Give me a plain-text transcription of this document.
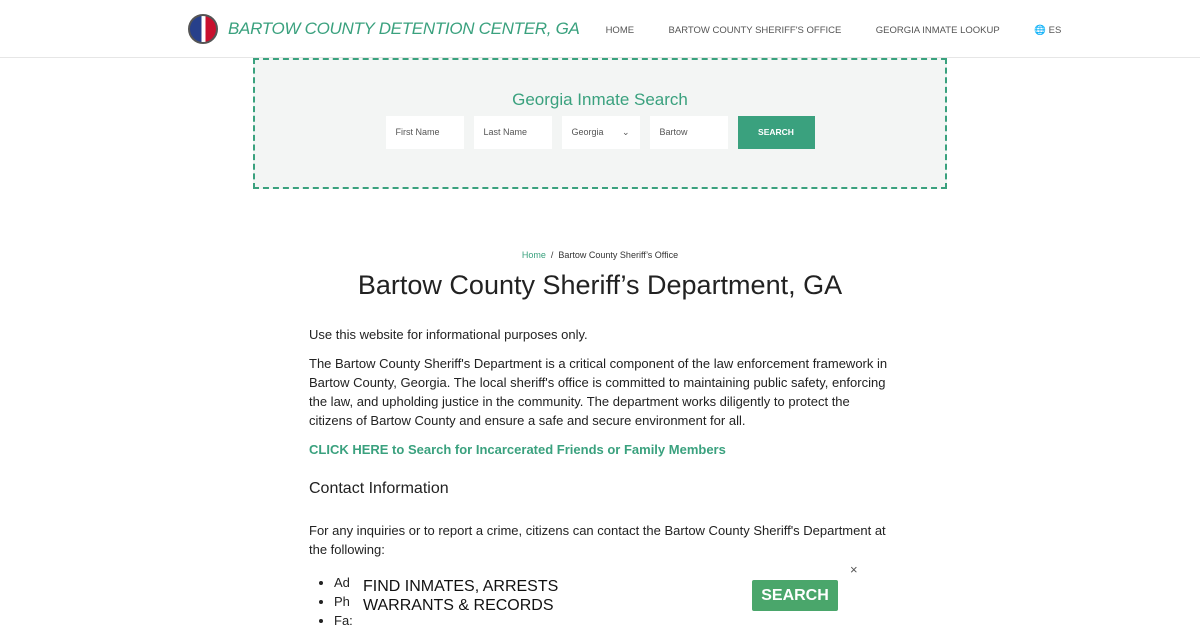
BARTOW COUNTY DETENTION CENTER, GA	HOME	BARTOW COUNTY SHERIFF'S OFFICE	GEORGIA INMATE LOOKUP	🌐 ES
Georgia Inmate Search
First Name	Last Name	Georgia ⌄	Bartow	SEARCH
Home / Bartow County Sheriff’s Office
Bartow County Sheriff’s Department, GA

Use this website for informational purposes only.

The Bartow County Sheriff's Department is a critical component of the law enforcement framework in Bartow County, Georgia. The local sheriff's office is committed to maintaining public safety, enforcing the law, and upholding justice in the community. The department works diligently to protect the citizens of Bartow County and ensure a safe and secure environment for all.

CLICK HERE to Search for Incarcerated Friends or Family Members
Contact Information

For any inquiries or to report a crime, citizens can contact the Bartow County Sheriff's Department at the following:

• Ad
• Ph
• Fa:
FIND INMATES, ARRESTS
WARRANTS & RECORDS
SEARCH
×
